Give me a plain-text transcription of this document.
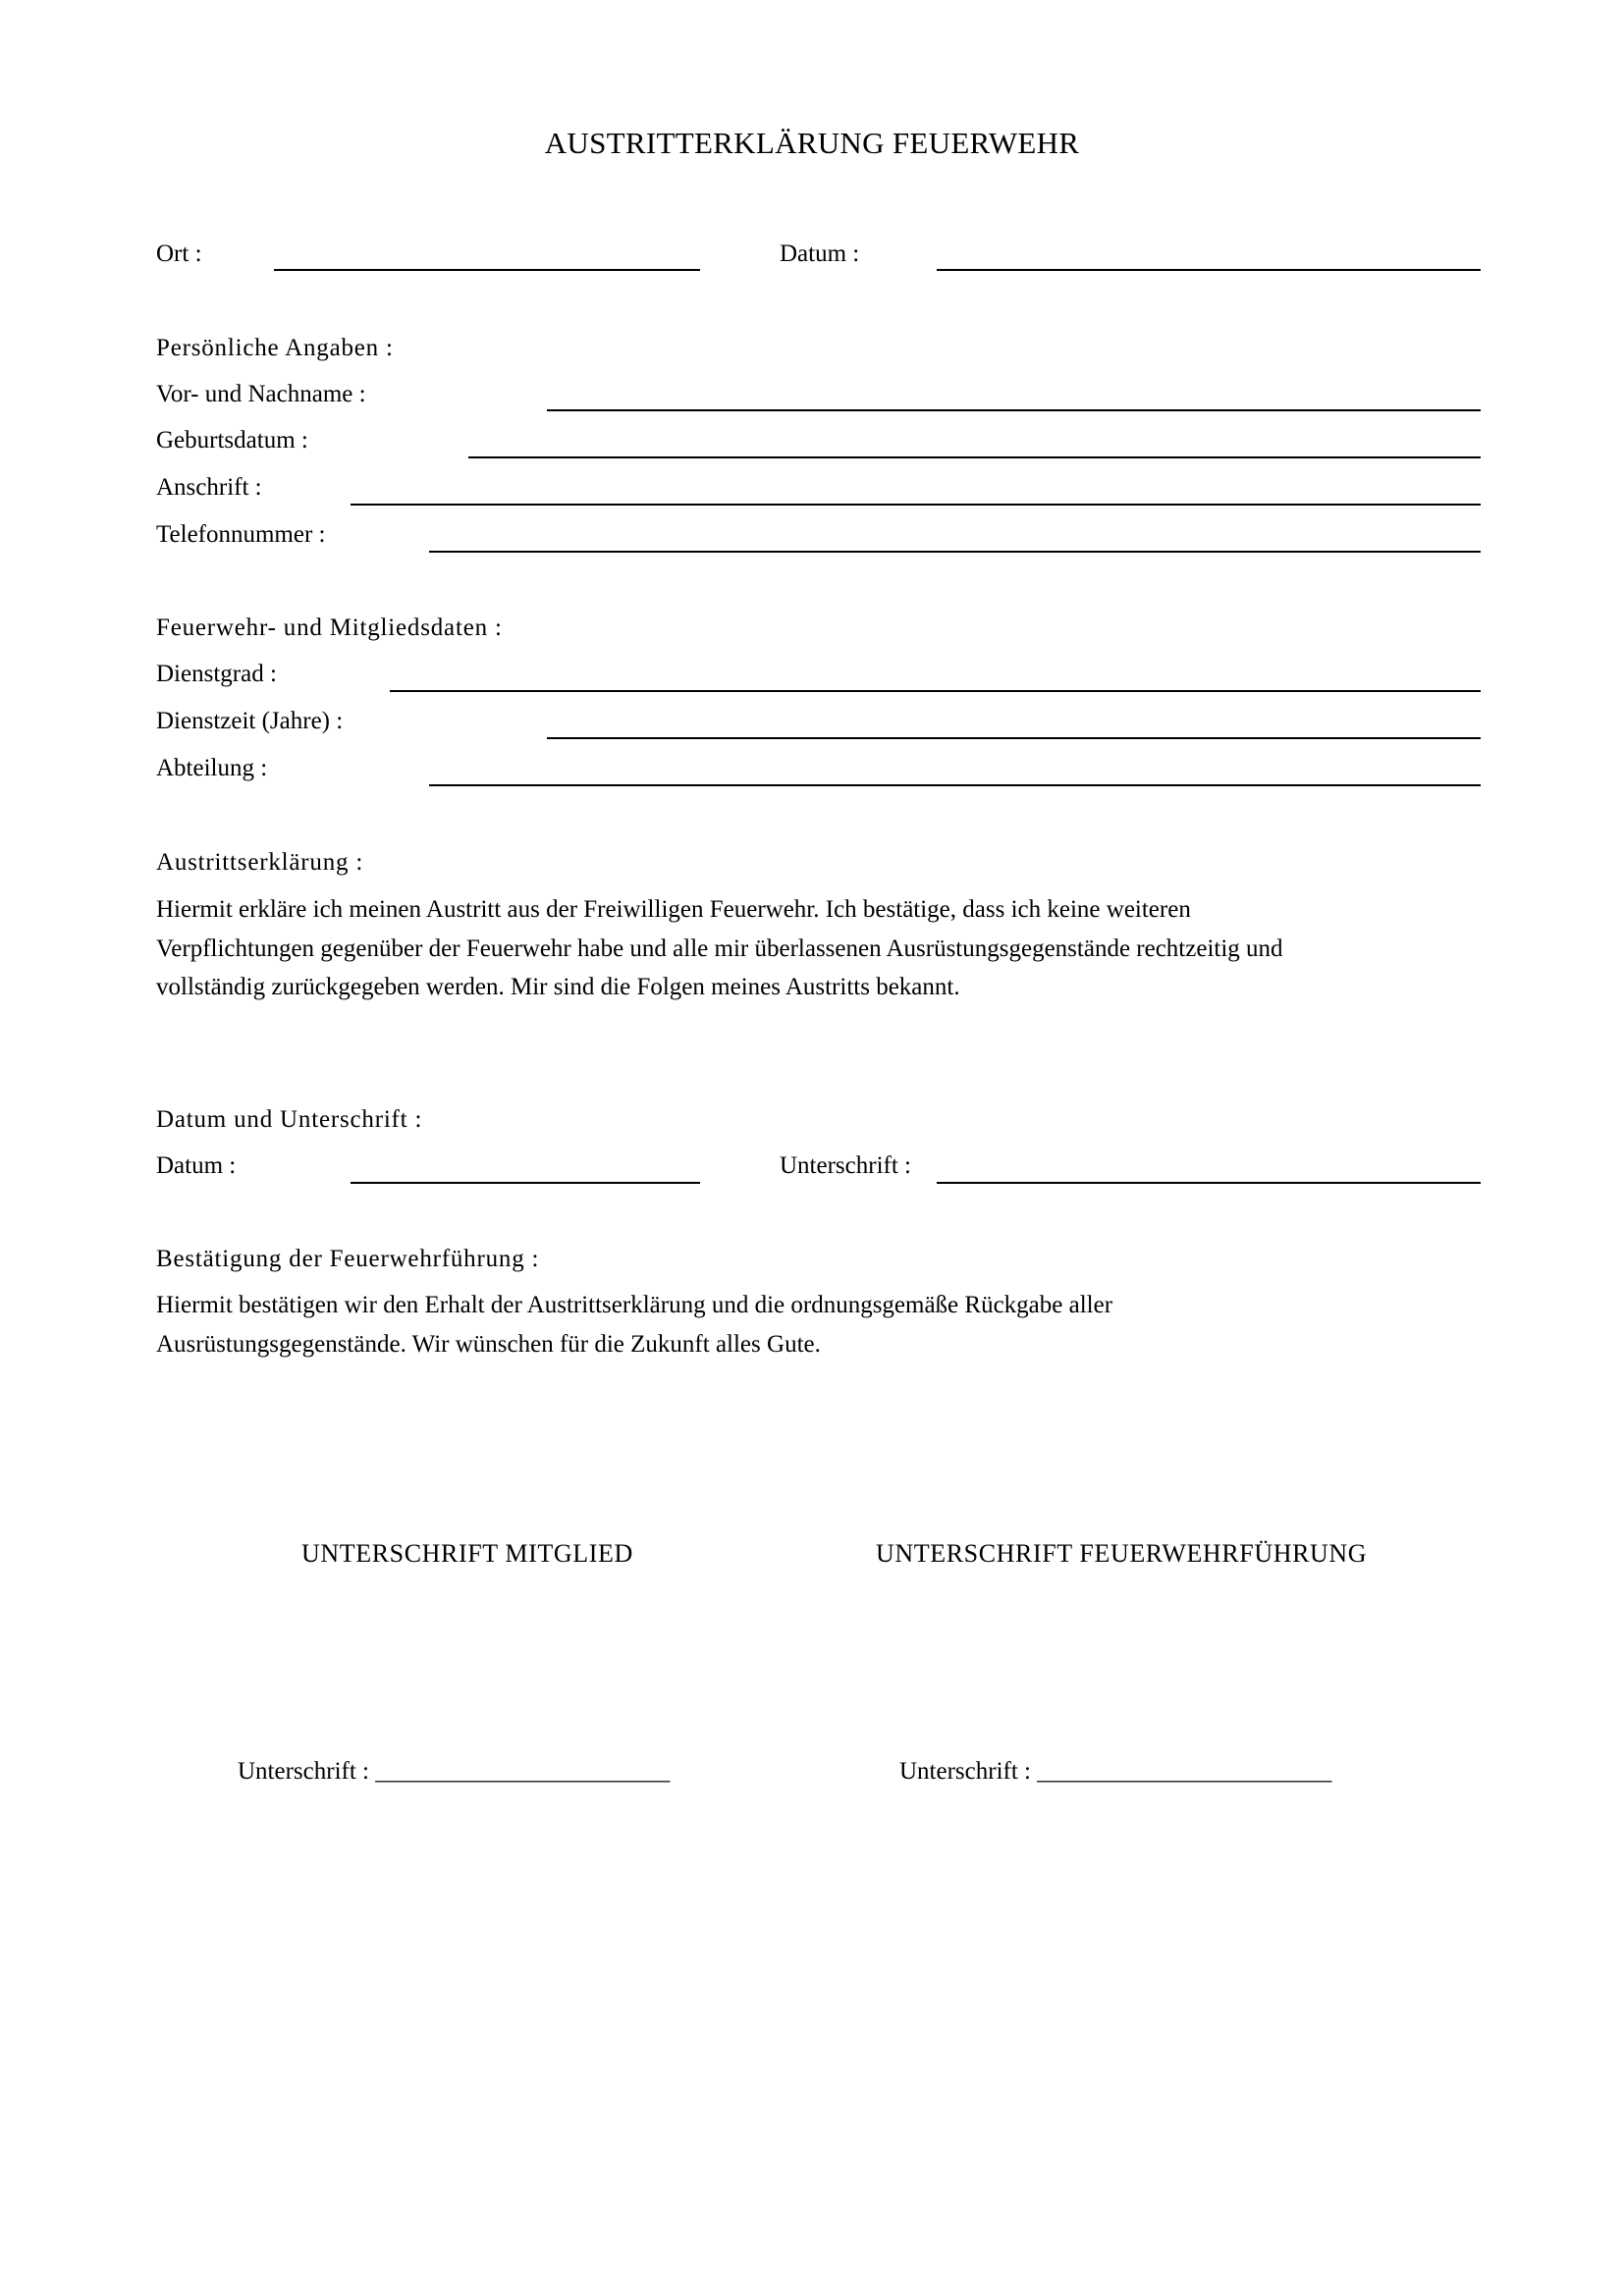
AUSTRITTERKLÄRUNG FEUERWEHR
Ort :	Datum :
Persönliche Angaben :
Vor- und Nachname :
Geburtsdatum :
Anschrift :
Telefonnummer :
Feuerwehr- und Mitgliedsdaten :
Dienstgrad :
Dienstzeit (Jahre) :
Abteilung :
Austrittserklärung :
Hiermit erkläre ich meinen Austritt aus der Freiwilligen Feuerwehr. Ich bestätige, dass ich keine weiteren
Verpflichtungen gegenüber der Feuerwehr habe und alle mir überlassenen Ausrüstungsgegenstände rechtzeitig und
vollständig zurückgegeben werden. Mir sind die Folgen meines Austritts bekannt.
Datum und Unterschrift :
Datum :	Unterschrift :
Bestätigung der Feuerwehrführung :
Hiermit bestätigen wir den Erhalt der Austrittserklärung und die ordnungsgemäße Rückgabe aller
Ausrüstungsgegenstände. Wir wünschen für die Zukunft alles Gute.
UNTERSCHRIFT MITGLIED	UNTERSCHRIFT FEUERWEHRFÜHRUNG
Unterschrift : ________________________	Unterschrift : ________________________
